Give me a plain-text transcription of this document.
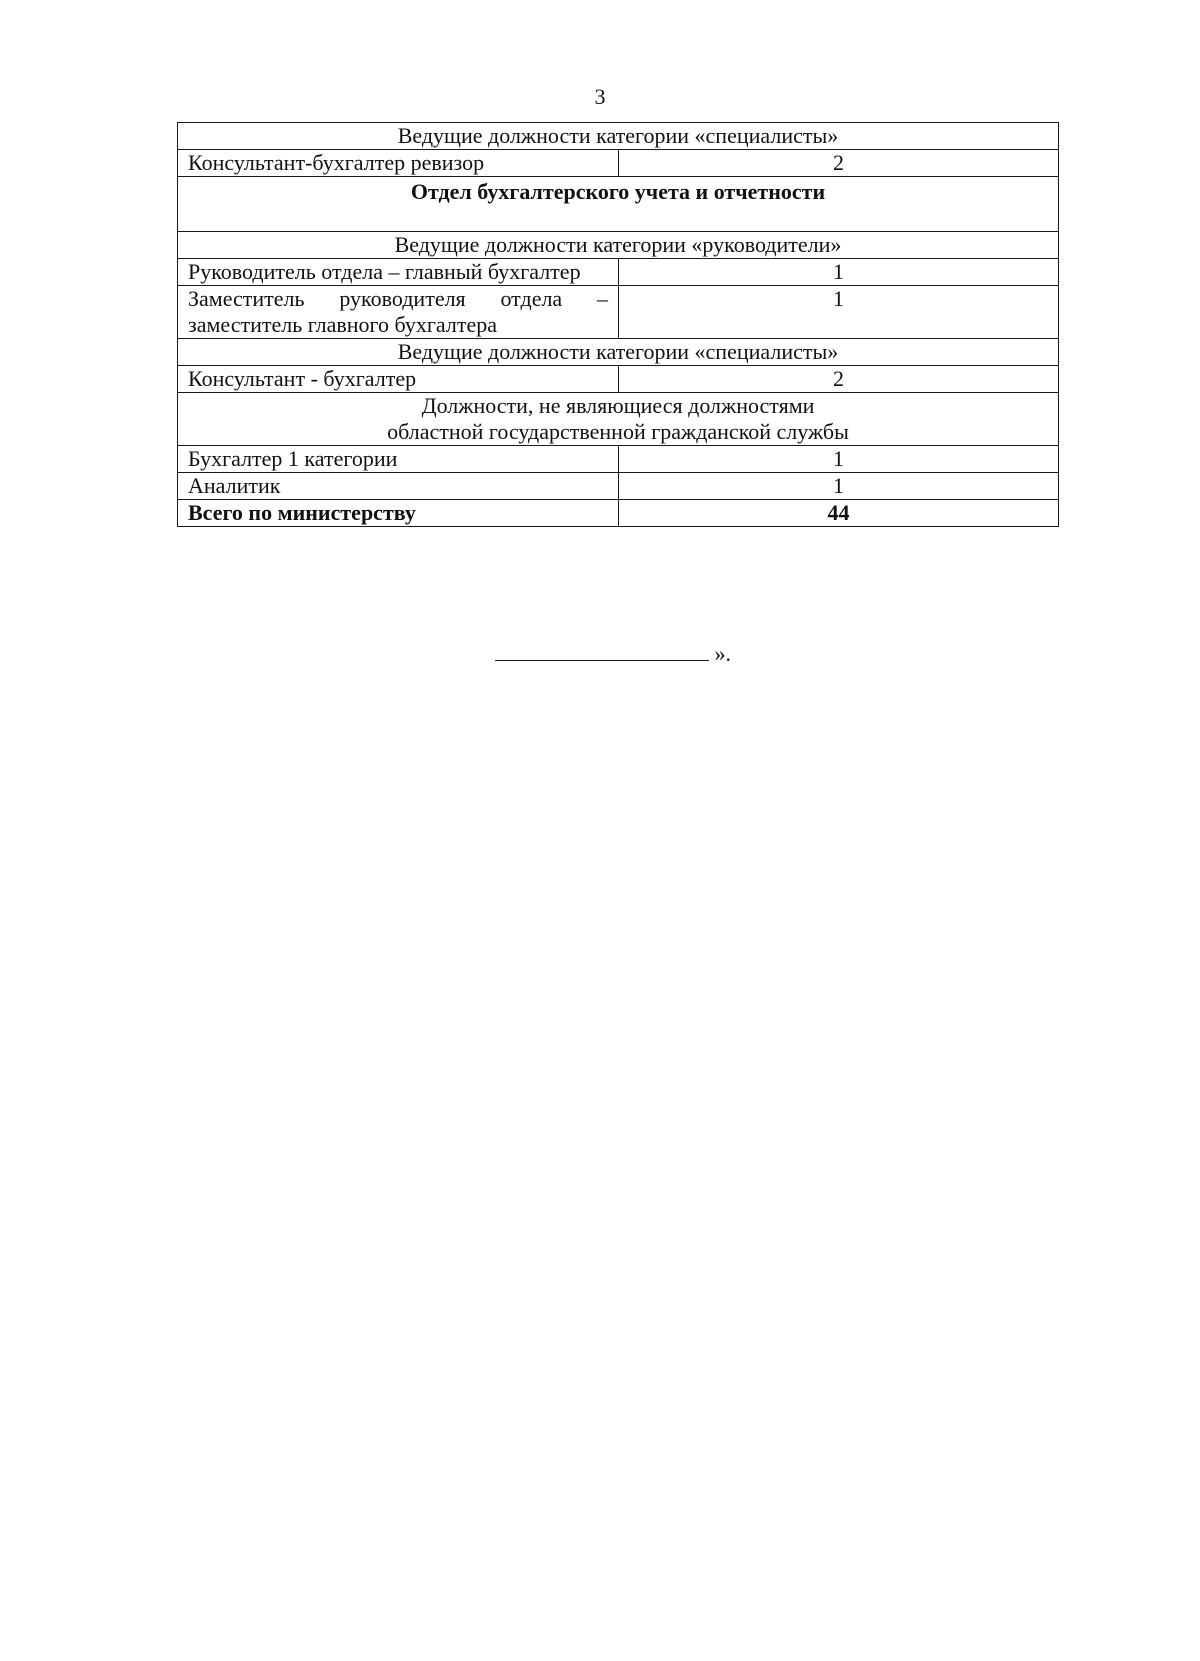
3
Ведущие должности категории «специалисты»	
Консультант-бухгалтер ревизор	2
Отдел бухгалтерского учета и отчетности	
Ведущие должности категории «руководители»	
Руководитель отдела – главный бухгалтер	1
Заместитель руководителя отдела – заместитель главного бухгалтера	1
Ведущие должности категории «специалисты»	
Консультант - бухгалтер	2

Должности, не являющиеся должностями
областной государственной гражданской службы	

Бухгалтер 1 категории	1
Аналитик	1
Всего по министерству	44
».
